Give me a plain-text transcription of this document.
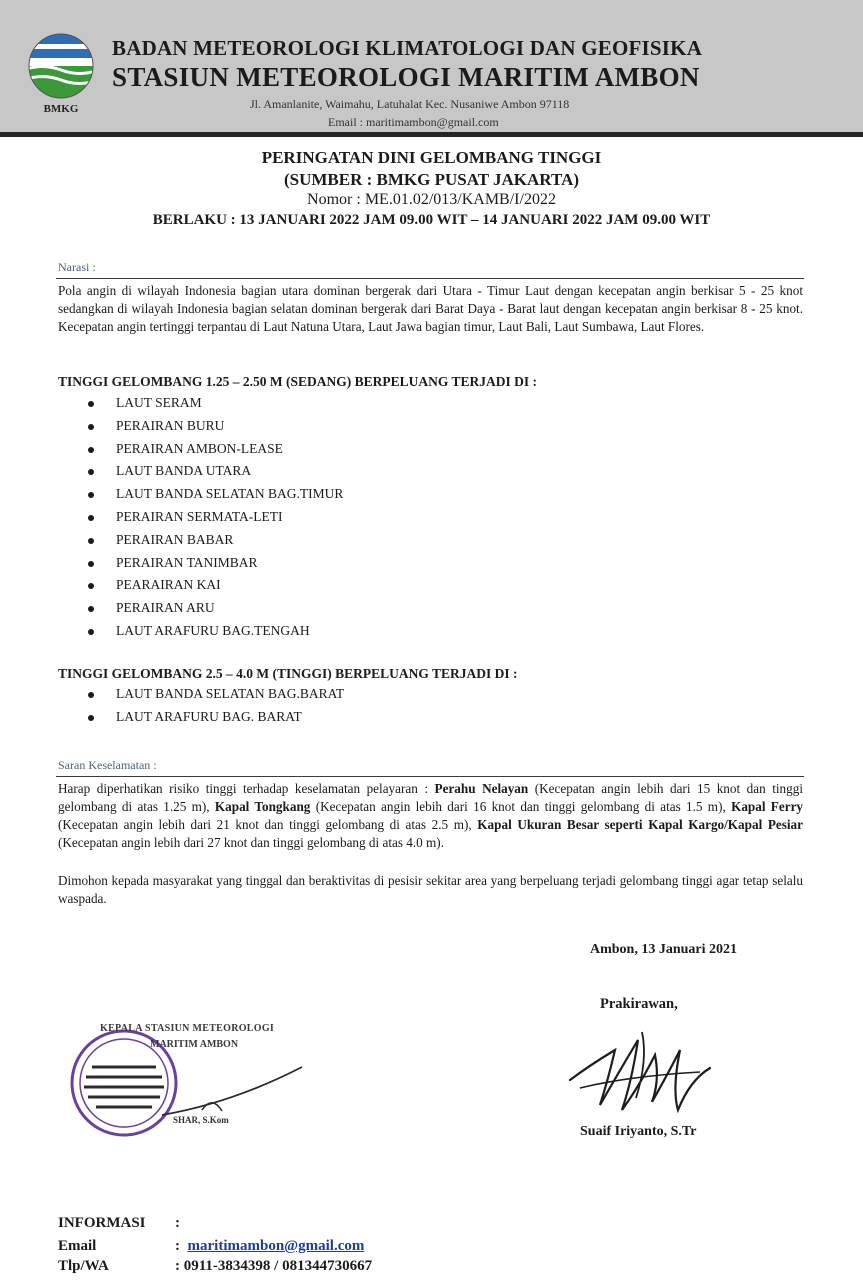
BMKG
BADAN METEOROLOGI KLIMATOLOGI DAN GEOFISIKA
STASIUN METEOROLOGI MARITIM AMBON
Jl. Amanlanite, Waimahu, Latuhalat Kec. Nusaniwe Ambon 97118
Email : maritimambon@gmail.com
PERINGATAN DINI GELOMBANG TINGGI
(SUMBER : BMKG PUSAT JAKARTA)
Nomor : ME.01.02/013/KAMB/I/2022
BERLAKU : 13 JANUARI 2022 JAM 09.00 WIT – 14 JANUARI 2022 JAM 09.00 WIT
Narasi :
Pola angin di wilayah Indonesia bagian utara dominan bergerak dari Utara - Timur Laut dengan kecepatan angin berkisar 5 - 25 knot sedangkan di wilayah Indonesia bagian selatan dominan bergerak dari Barat Daya - Barat laut dengan kecepatan angin berkisar 8 - 25 knot. Kecepatan angin tertinggi terpantau di Laut Natuna Utara, Laut Jawa bagian timur, Laut Bali, Laut Sumbawa, Laut Flores.
TINGGI GELOMBANG 1.25 – 2.50 M (SEDANG) BERPELUANG TERJADI DI :
LAUT SERAM
PERAIRAN BURU
PERAIRAN AMBON-LEASE
LAUT BANDA UTARA
LAUT BANDA SELATAN BAG.TIMUR
PERAIRAN SERMATA-LETI
PERAIRAN BABAR
PERAIRAN TANIMBAR
PEARAIRAN KAI
PERAIRAN ARU
LAUT ARAFURU BAG.TENGAH
TINGGI GELOMBANG 2.5 – 4.0 M (TINGGI) BERPELUANG TERJADI DI :
LAUT BANDA SELATAN BAG.BARAT
LAUT ARAFURU BAG. BARAT
Saran Keselamatan :
Harap diperhatikan risiko tinggi terhadap keselamatan pelayaran : Perahu Nelayan (Kecepatan angin lebih dari 15 knot dan tinggi gelombang di atas 1.25 m), Kapal Tongkang (Kecepatan angin lebih dari 16 knot dan tinggi gelombang di atas 1.5 m), Kapal Ferry (Kecepatan angin lebih dari 21 knot dan tinggi gelombang di atas 2.5 m), Kapal Ukuran Besar seperti Kapal Kargo/Kapal Pesiar (Kecepatan angin lebih dari 27 knot dan tinggi gelombang di atas 4.0 m).
Dimohon kepada masyarakat yang tinggal dan beraktivitas di pesisir sekitar area yang berpeluang terjadi gelombang tinggi agar tetap selalu waspada.
Ambon, 13 Januari 2021
Prakirawan,
Suaif Iriyanto, S.Tr
KEPALA STASIUN METEOROLOGI
MARITIM AMBON
SHAR, S.Kom
INFORMASI :
Email	:  maritimambon@gmail.com
Tlp/WA	: 0911-3834398 / 081344730667
